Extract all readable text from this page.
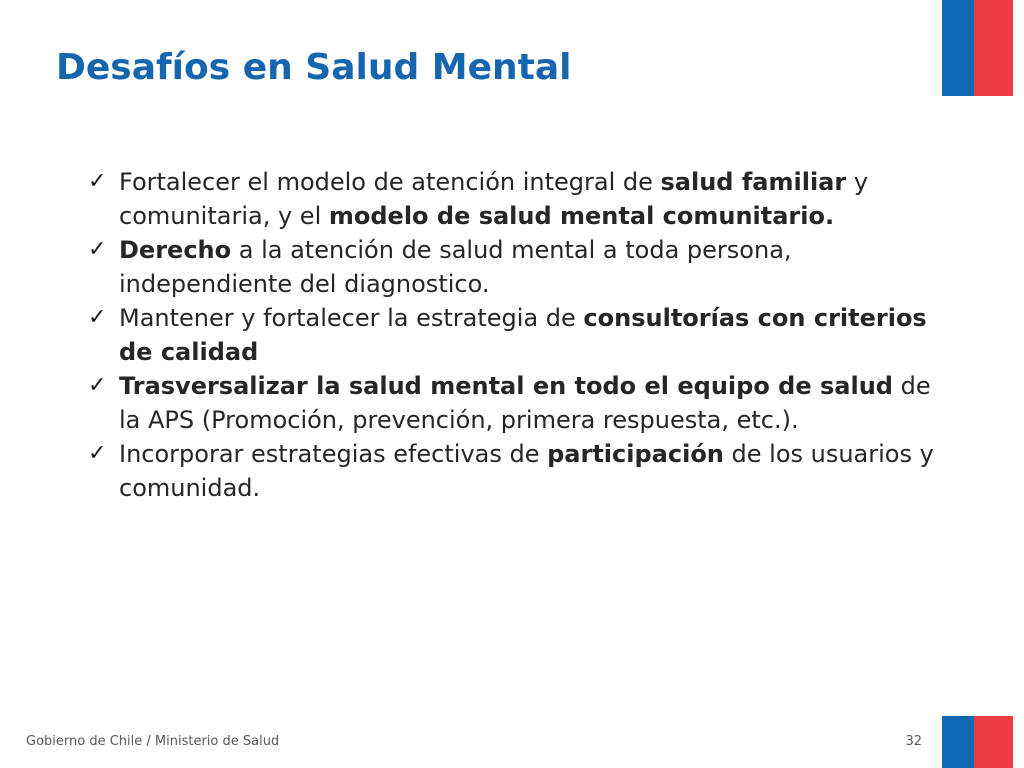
Desafíos en Salud Mental
✓ Fortalecer el modelo de atención integral de salud familiar y comunitaria, y el modelo de salud mental comunitario.
✓ Derecho a la atención de salud mental a toda persona, independiente del diagnostico.
✓ Mantener y fortalecer la estrategia de consultorías con criterios de calidad
✓ Trasversalizar la salud mental en todo el equipo de salud de la APS (Promoción, prevención, primera respuesta, etc.).
✓ Incorporar estrategias efectivas de participación de los usuarios y comunidad.
Gobierno de Chile / Ministerio de Salud	32
